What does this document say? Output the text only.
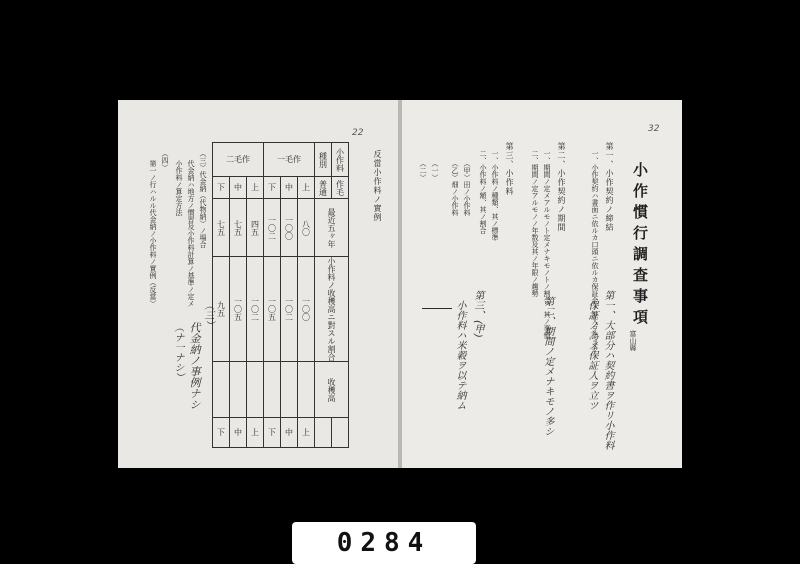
22	32
小作慣行調査事項
第一、小作契約ノ締結
一、小作契約ハ書面ニ依ルカ口頭ニ依ルカ保証金ノ差入ヲナスヤ
第二、小作契約ノ期間
一、期間ノ定メアルモノト定メナキモノトノ割合、其ノ事情
二、期間ノ定アルモノノ年数及其ノ年限ノ趨勢
第三、小作料
一、小作料ノ種類、其ノ標準
二、小作料ノ額、其ノ割合
（甲）田ノ小作料
（乙）畑ノ小作料
（一）
（二）
富山縣
第一、大部分ハ契約書ヲ作リ小作料
保証ノ為メ保証人ヲ立ツ
第二、期間ノ定メナキモノ多シ
第三、(甲)
小作料ハ米穀ヲ以テ納ム
反當小作料ノ實例
二毛作			一毛作			種別	小作料
下	中	上	下	中	上	普通	作毛
七五	七五	四五	一〇二	一〇〇	八〇	最近五ヶ年	
九五	一〇五	一〇二	一〇五	一〇二	一〇〇	小作料ノ收穫高ニ對スル割合	
						收穫高	
下	中	上	下	中	上		
（三）代金納（代物納）ノ場合
代金納ハ地方ノ慣習及小作料計算ノ基準ノ定メ
小作料ノ算定方法
（四）
第一ノ行ハルル代金納ノ小作料ノ實例（反當）
（三）
代金納ノ事例ナシ
（ナ一ナシ）
0284
